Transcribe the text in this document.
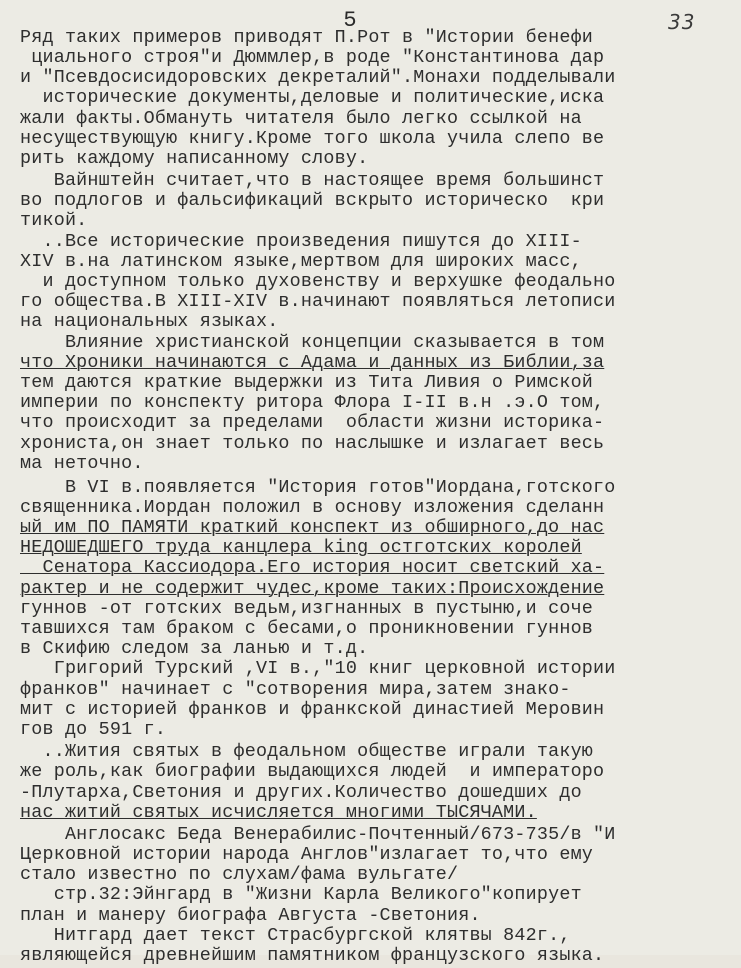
5	33
Ряд таких примеров приводят П.Рот в "Истории бенефи
циального строя"и Дюммлер,в роде "Константинова дар
и "Псевдосисидоровских декреталий".Монахи подделывали
исторические документы,деловые и политические,иска
жали факты.Обмануть читателя было легко ссылкой на
несуществующую книгу.Кроме того школа учила слепо ве
рить каждому написанному слову.
Вайнштейн считает,что в настоящее время большинст
во подлогов и фальсификаций вскрыто историческо  кри
тикой.
..Все исторические произведения пишутся до XIII-
XIV в.на латинском языке,мертвом для широких масс,
и доступном только духовенству и верхушке феодально
го общества.В XIII-XIV в.начинают появляться летописи
на национальных языках.
Влияние христианской концепции сказывается в том
что Хроники начинаются с Адама и данных из Библии,за
тем даются краткие выдержки из Тита Ливия о Римской
империи по конспекту ритора Флора I-II в.н .э.О том,
что происходит за пределами  области жизни историка-
хрониста,он знает только по наслышке и излагает весь
ма неточно.
В VI в.появляется "История готов"Иордана,готского
священника.Иордан положил в основу изложения сделанн
ый им ПО ПАМЯТИ краткий конспект из обширного,до нас
НЕДОШЕДШЕГО труда канцлера king остготских королей
Сенатора Кассиодора.Его история носит светский ха-
рактер и не содержит чудес,кроме таких:Происхождение
гуннов -от готских ведьм,изгнанных в пустыню,и сочe
тавшихся там браком с бесами,о проникновении гуннов
в Скифию следом за ланью и т.д.
Григорий Турский ,VI в.,"10 книг церковной истории
франков" начинает с "сотворения мира,затем знако-
мит с историей франков и франкской династией Меровин
гов до 591 г.
..Жития святых в феодальном обществе играли такую
же роль,как биографии выдающихся людей  и императоро
-Плутарха,Светония и других.Количество дошедших до
нас житий святых исчисляется многими ТЫСЯЧАМИ.
Англосакс Беда Венерабилис-Почтенный/673-735/в "И
Церковной истории народа Англов"излагает то,что ему
стало известно по слухам/фама вульгате/
стр.32:Эйнгард в "Жизни Карла Великого"копирует
план и манеру биографа Августа -Светония.
Нитгард дает текст Страсбургской клятвы 842г.,
являющейся древнейшим памятником французского языка.
